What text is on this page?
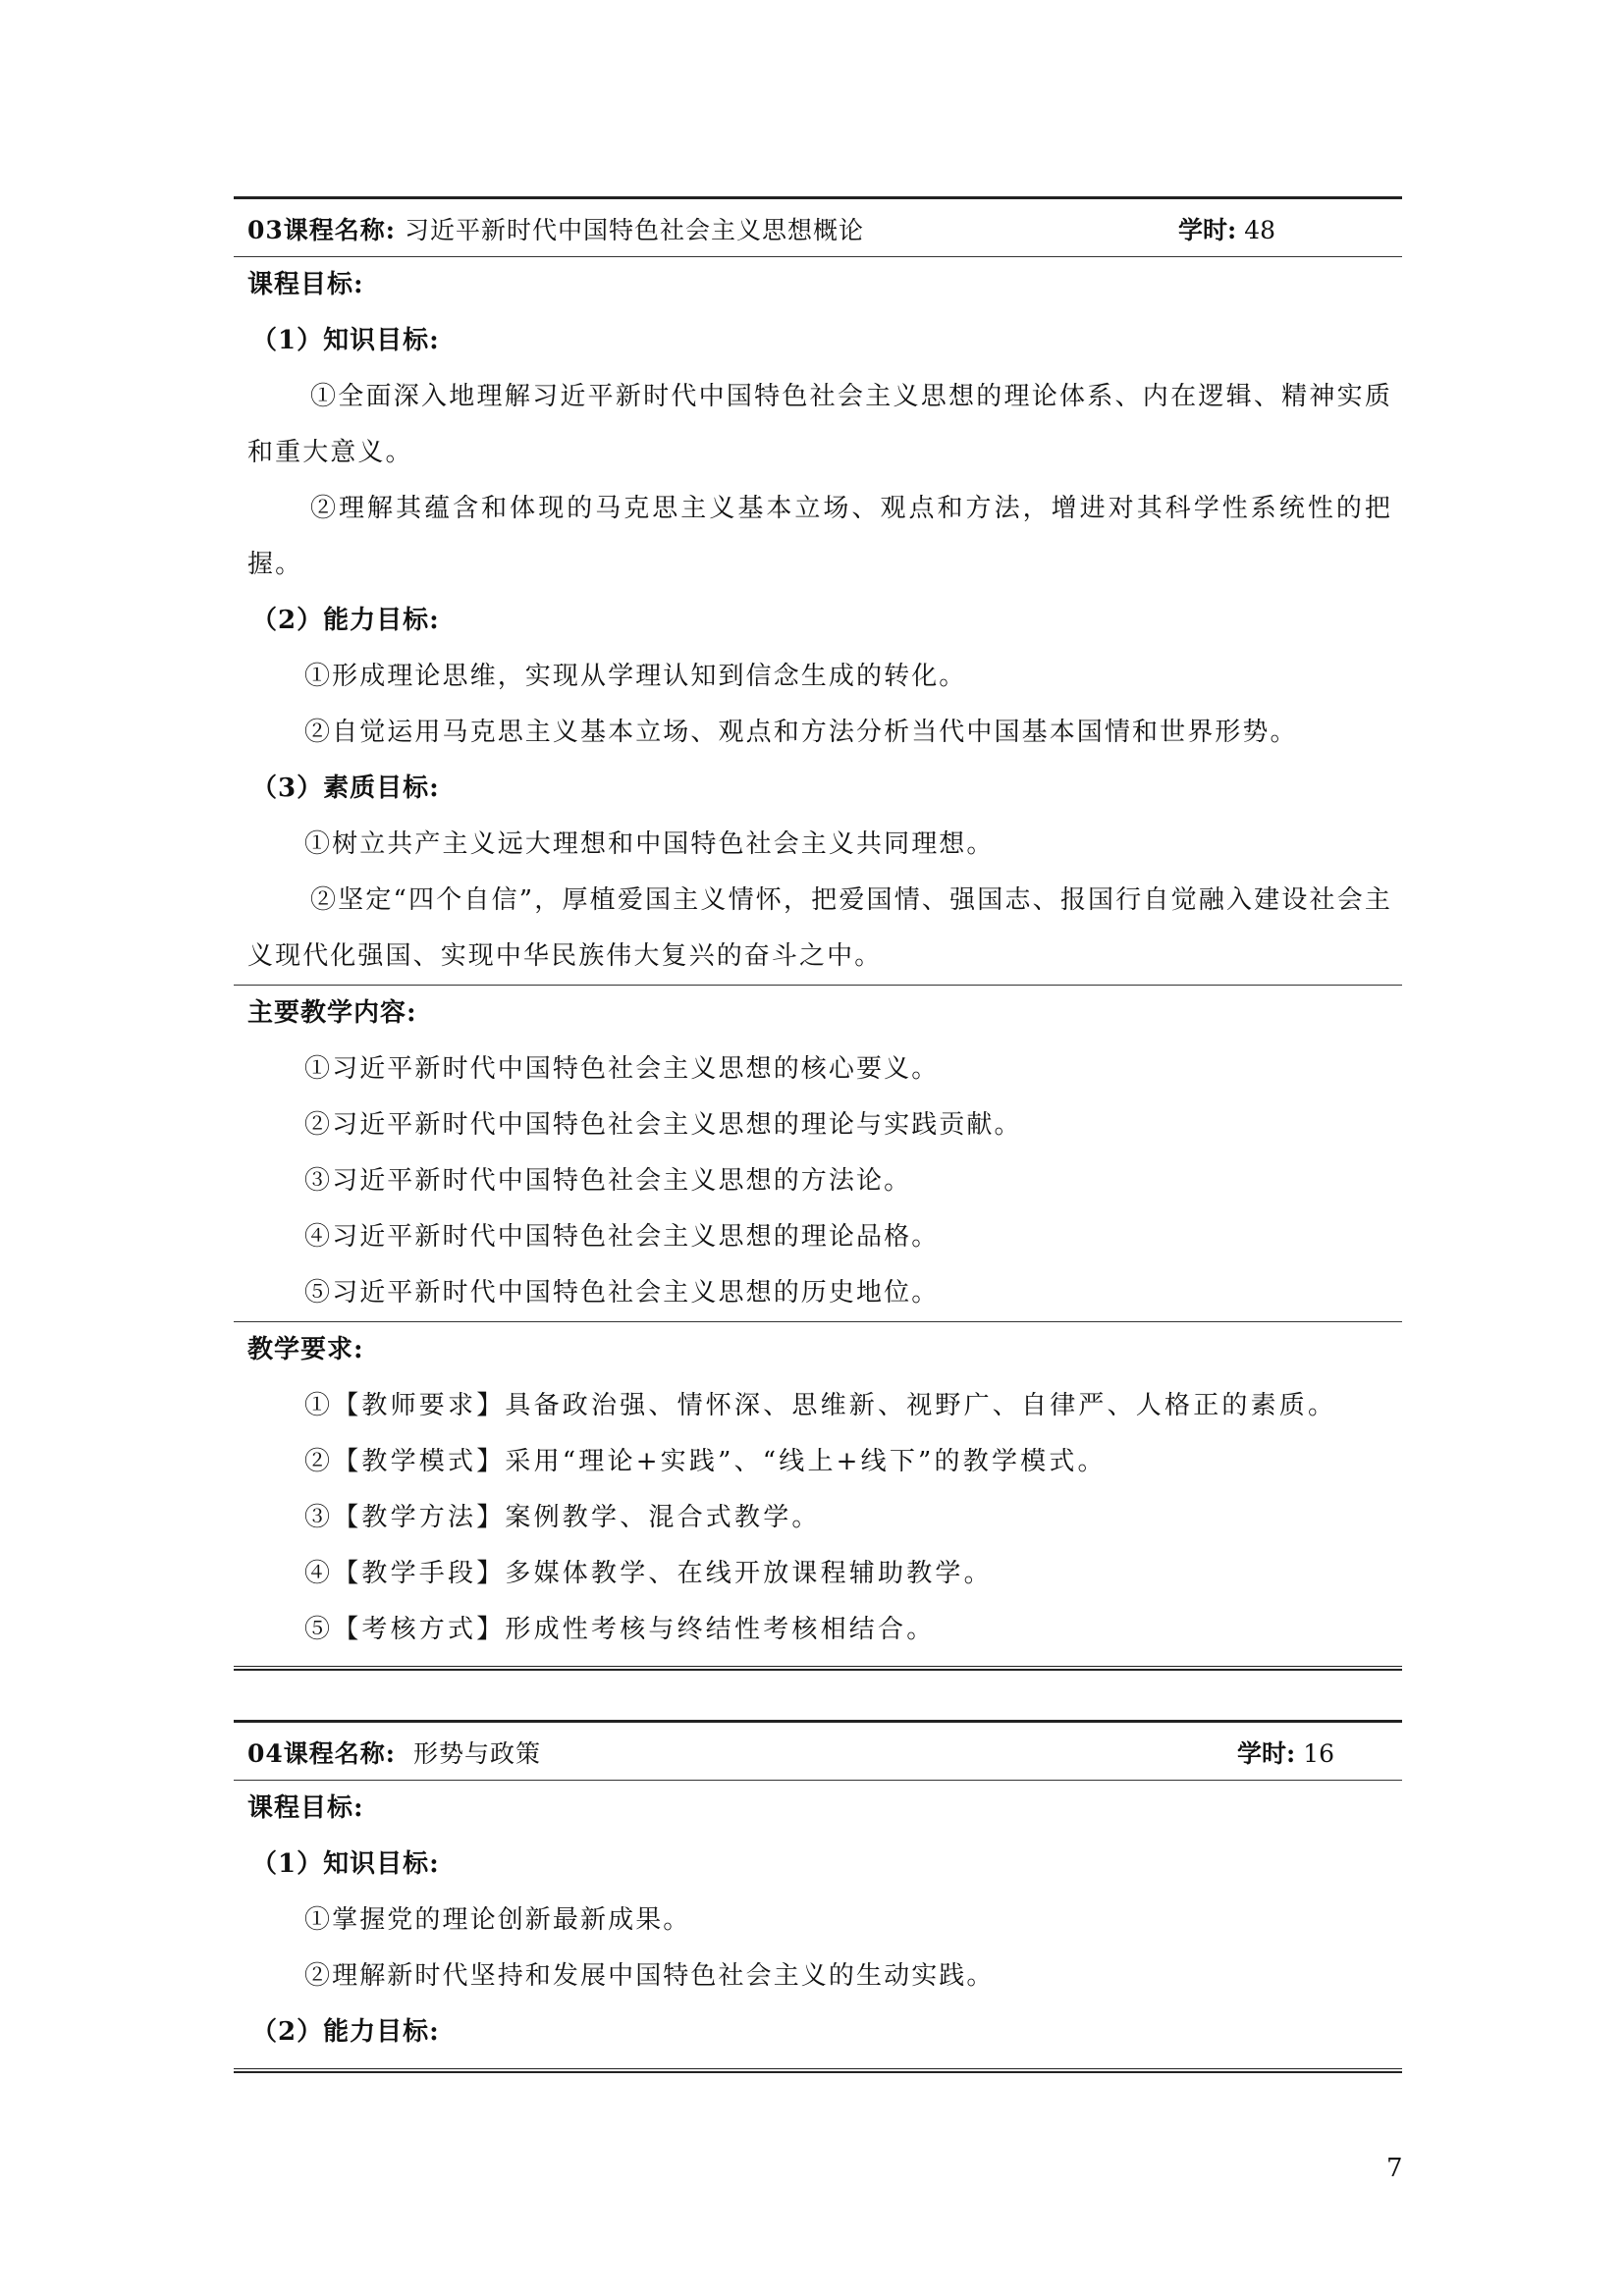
03课程名称: 习近平新时代中国特色社会主义思想概论	学时: 48
课程目标:
（1）知识目标:
①全面深入地理解习近平新时代中国特色社会主义思想的理论体系、内在逻辑、精神实质和重大意义。
②理解其蕴含和体现的马克思主义基本立场、观点和方法，增进对其科学性系统性的把握。
（2）能力目标:
①形成理论思维，实现从学理认知到信念生成的转化。
②自觉运用马克思主义基本立场、观点和方法分析当代中国基本国情和世界形势。
（3）素质目标:
①树立共产主义远大理想和中国特色社会主义共同理想。
②坚定“四个自信”，厚植爱国主义情怀，把爱国情、强国志、报国行自觉融入建设社会主义现代化强国、实现中华民族伟大复兴的奋斗之中。
主要教学内容:
①习近平新时代中国特色社会主义思想的核心要义。
②习近平新时代中国特色社会主义思想的理论与实践贡献。
③习近平新时代中国特色社会主义思想的方法论。
④习近平新时代中国特色社会主义思想的理论品格。
⑤习近平新时代中国特色社会主义思想的历史地位。
教学要求:
①【教师要求】具备政治强、情怀深、思维新、视野广、自律严、人格正的素质。
②【教学模式】采用“理论+实践”、“线上+线下”的教学模式。
③【教学方法】案例教学、混合式教学。
④【教学手段】多媒体教学、在线开放课程辅助教学。
⑤【考核方式】形成性考核与终结性考核相结合。
04课程名称: 形势与政策	学时: 16
课程目标:
（1）知识目标:
①掌握党的理论创新最新成果。
②理解新时代坚持和发展中国特色社会主义的生动实践。
（2）能力目标:
7
